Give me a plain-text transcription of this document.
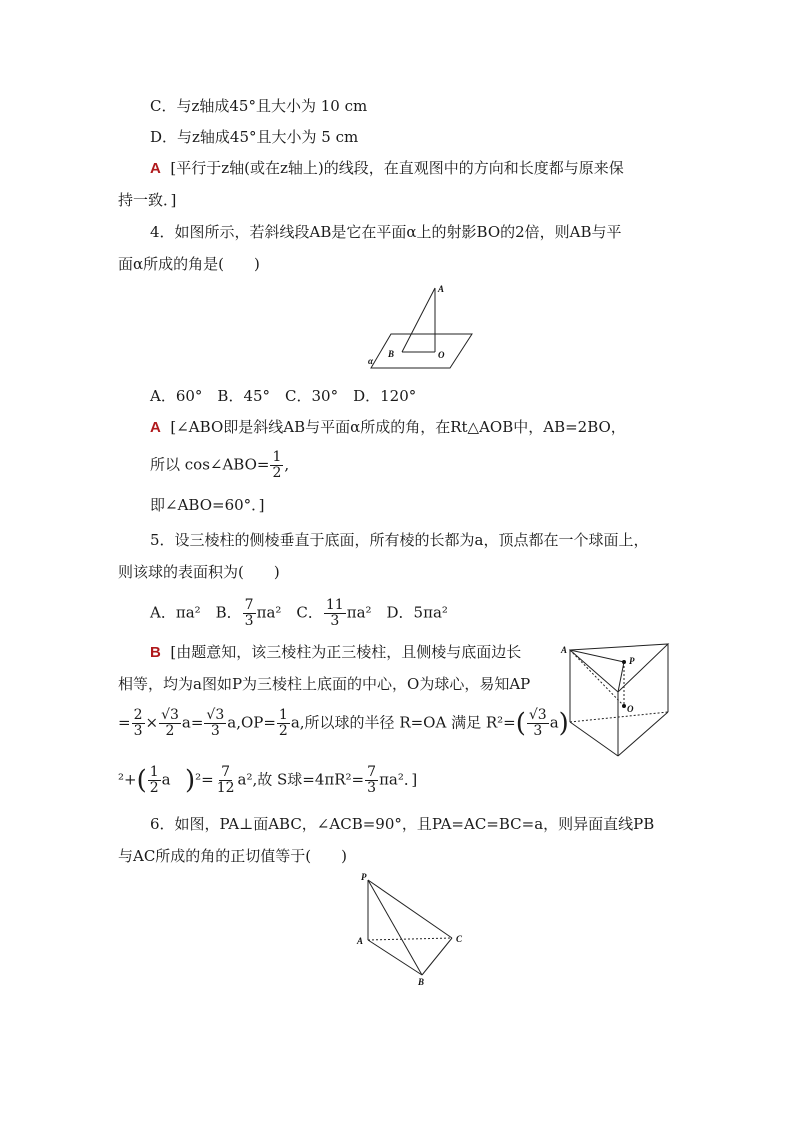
C．与z轴成45°且大小为 10 cm
D．与z轴成45°且大小为 5 cm
A [平行于z轴(或在z轴上)的线段，在直观图中的方向和长度都与原来保
持一致．]
4．如图所示，若斜线段AB是它在平面α上的射影BO的2倍，则AB与平
面α所成的角是(　　)
A
B	O
α
A．60°　B．45°　C．30°　D．120°
A [∠ABO即是斜线AB与平面α所成的角，在Rt△AOB中，AB=2BO，
所以 cos∠ABO= $\frac{1}{2}$ ,
即∠ABO=60°．]
5．设三棱柱的侧棱垂直于底面，所有棱的长都为a，顶点都在一个球面上，
则该球的表面积为(　　)
A．πa²　B． $\frac{7}{3} \pi a^2$　C． $\frac{11}{3} \pi a^2$　D．5πa²
B [由题意知，该三棱柱为正三棱柱，且侧棱与底面边长
相等，均为a图如P为三棱柱上底面的中心，O为球心，易知AP
= $\frac{2}{3} \times \frac{√3}{2} a= \frac{√3}{3} a,OP= \frac{1}{2} a$,所以球的半径 R=OA 满足 $R^2=( \frac{√3}{3} a)$
$^2+( \frac{1}{2}$ a )$^2= \frac{7}{12} a^2$,故 S球$=4\pi R^2= \frac{7}{3} \pi a^2$．]
A
P
O
6．如图，PA⊥面ABC，∠ACB=90°，且PA=AC=BC=a，则异面直线PB
与AC所成的角的正切值等于(　　)
P
A	C
B
